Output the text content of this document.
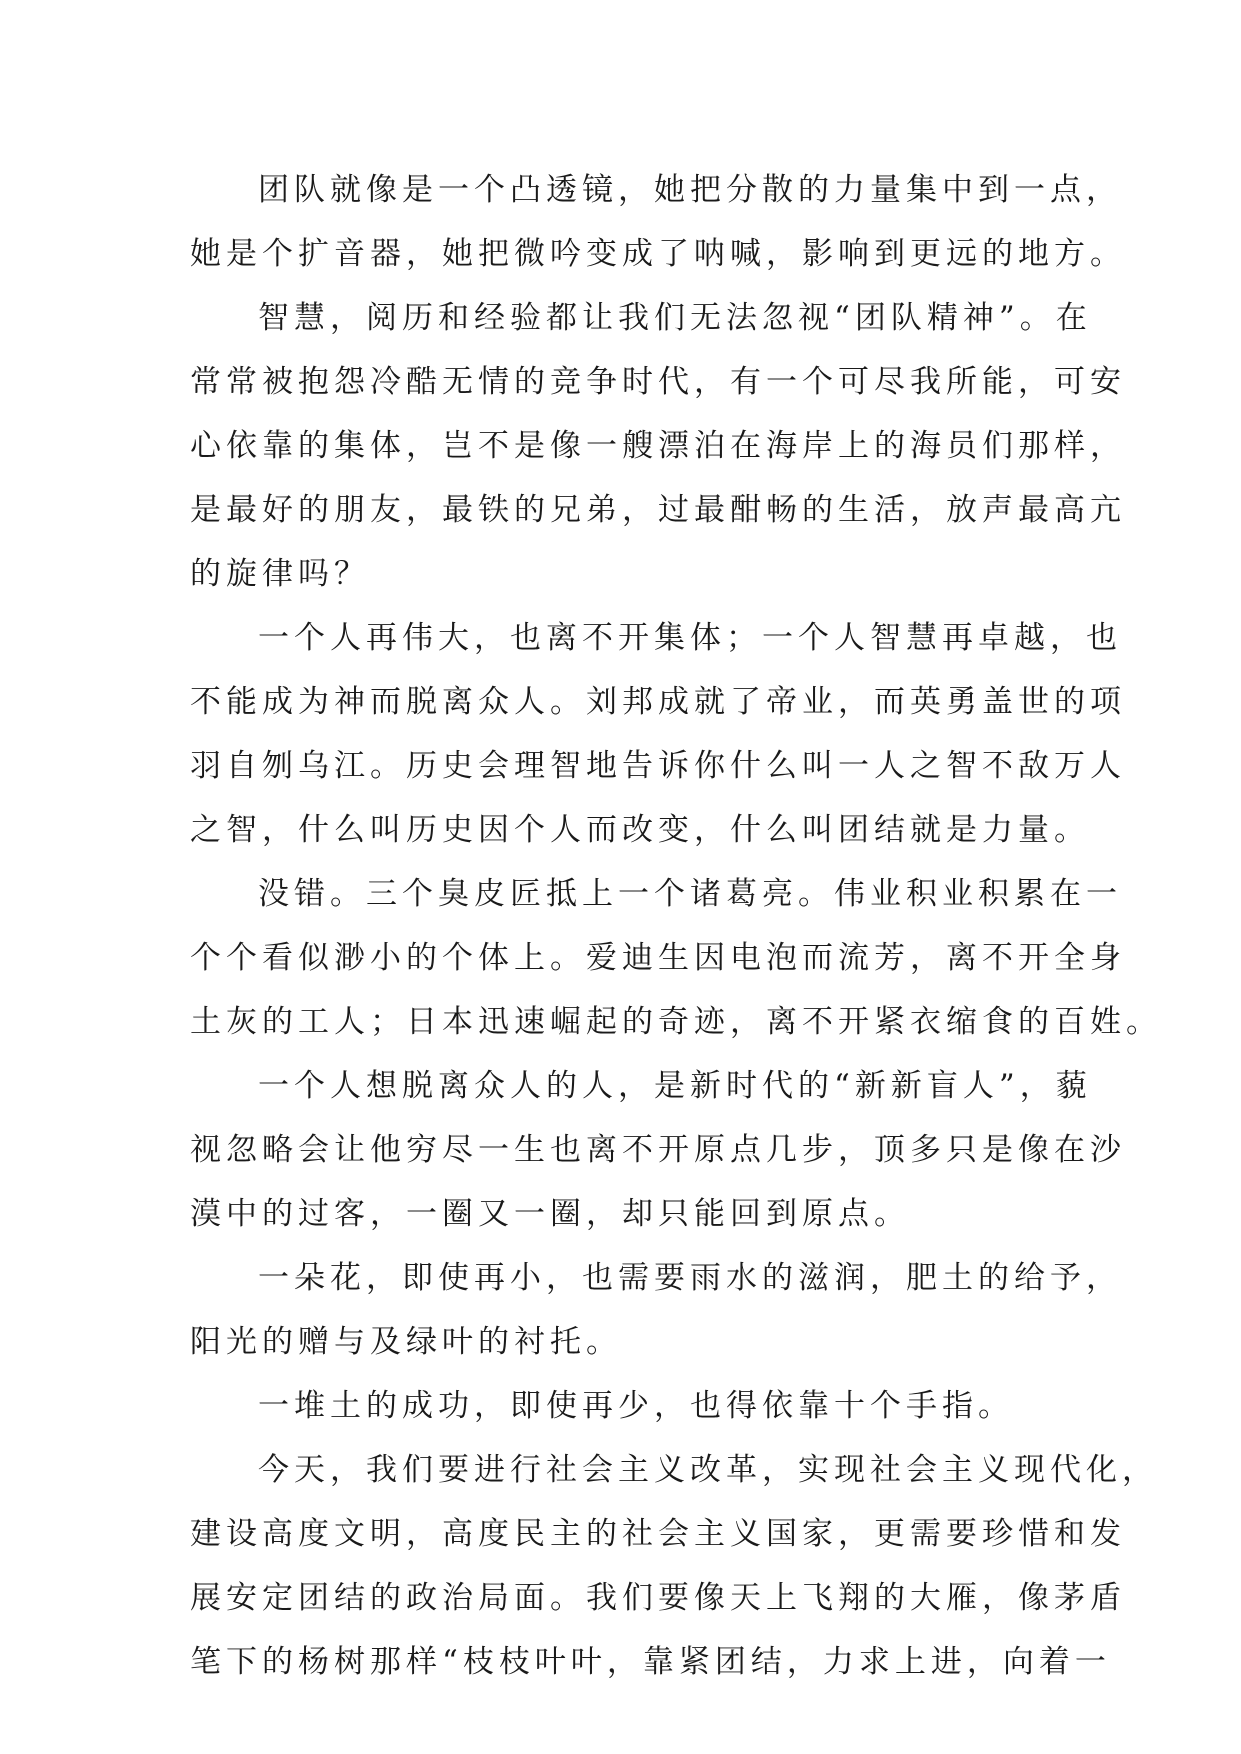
团队就像是一个凸透镜，她把分散的力量集中到一点，
她是个扩音器，她把微吟变成了呐喊，影响到更远的地方。
智慧，阅历和经验都让我们无法忽视“团队精神”。在
常常被抱怨冷酷无情的竞争时代，有一个可尽我所能，可安
心依靠的集体，岂不是像一艘漂泊在海岸上的海员们那样，
是最好的朋友，最铁的兄弟，过最酣畅的生活，放声最高亢
的旋律吗？
一个人再伟大，也离不开集体；一个人智慧再卓越，也
不能成为神而脱离众人。刘邦成就了帝业，而英勇盖世的项
羽自刎乌江。历史会理智地告诉你什么叫一人之智不敌万人
之智，什么叫历史因个人而改变，什么叫团结就是力量。
没错。三个臭皮匠抵上一个诸葛亮。伟业积业积累在一
个个看似渺小的个体上。爱迪生因电泡而流芳，离不开全身
土灰的工人；日本迅速崛起的奇迹，离不开紧衣缩食的百姓。
一个人想脱离众人的人，是新时代的“新新盲人”，藐
视忽略会让他穷尽一生也离不开原点几步，顶多只是像在沙
漠中的过客，一圈又一圈，却只能回到原点。
一朵花，即使再小，也需要雨水的滋润，肥土的给予，
阳光的赠与及绿叶的衬托。
一堆土的成功，即使再少，也得依靠十个手指。
今天，我们要进行社会主义改革，实现社会主义现代化，
建设高度文明，高度民主的社会主义国家，更需要珍惜和发
展安定团结的政治局面。我们要像天上飞翔的大雁，像茅盾
笔下的杨树那样“枝枝叶叶，靠紧团结，力求上进，向着一
